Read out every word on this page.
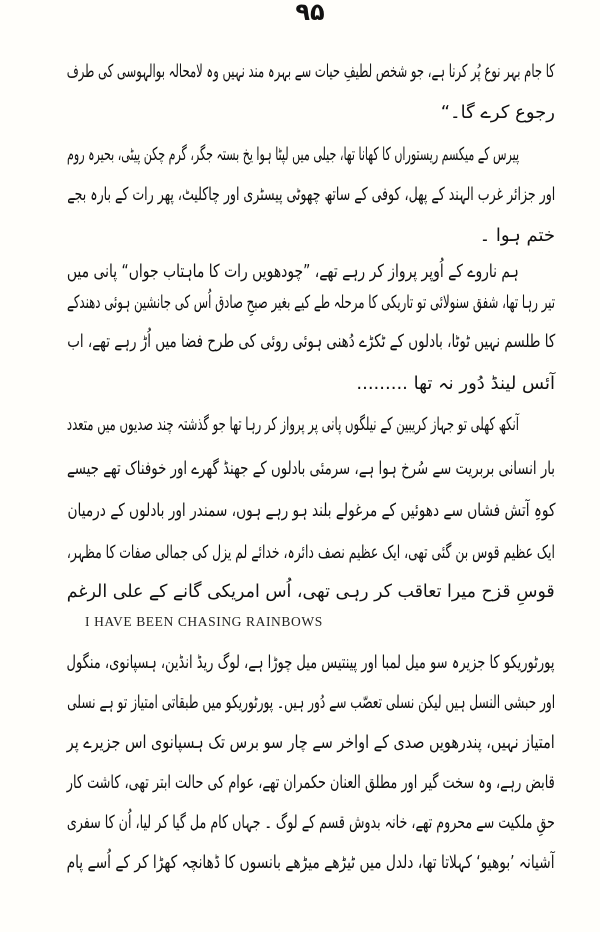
۹۵
کا جام بہر نوع پُر کرنا ہے، جو شخص لطیفِ حیات سے بہرہ مند نہیں وہ لامحالہ بوالہوسی کی طرف
رجوع کرے گا۔“
پیرس کے میکسم ریستوراں کا کھانا تھا، جیلی میں لپٹا ہوا یخ بستہ جگر، گرم چکن پیٹی، بحیرہ روم
اور جزائر غرب الہند کے پھل، کوفی کے ساتھ چھوٹی پیسٹری اور چاکلیٹ، پھر رات کے بارہ بجے
ختم ہوا ۔
ہم ناروے کے اُوپر پرواز کر رہے تھے، ”چودھویں رات کا ماہتاب جواں“ پانی میں
تیر رہا تھا، شفق سنولائی تو تاریکی کا مرحلہ طے کیے بغیر صبحِ صادق اُس کی جانشین ہوئی دھندکے
کا طلسم نہیں ٹوٹا، بادلوں کے ٹکڑے دُھنی ہوئی روئی کی طرح فضا میں اُڑ رہے تھے، اب
آئس لینڈ دُور نہ تھا .........
آنکھ کھلی تو جہاز کریبین کے نیلگوں پانی پر پرواز کر رہا تھا جو گذشتہ چند صدیوں میں متعدد
بار انسانی بربریت سے سُرخ ہوا ہے، سرمئی بادلوں کے جھنڈ گھرے اور خوفناک تھے جیسے
کوہِ آتش فشاں سے دھوئیں کے مرغولے بلند ہو رہے ہوں، سمندر اور بادلوں کے درمیان
ایک عظیم قوس بن گئی تھی، ایک عظیم نصف دائرہ، خدائے لم یزل کی جمالی صفات کا مظہر،
قوسِ قزح میرا تعاقب کر رہی تھی، اُس امریکی گانے کے علی الرغم
I HAVE BEEN CHASING RAINBOWS
پورٹوریکو کا جزیرہ سو میل لمبا اور پینتیس میل چوڑا ہے، لوگ ریڈ انڈین، ہسپانوی، منگول
اور حبشی النسل ہیں لیکن نسلی تعصّب سے دُور ہیں۔ پورٹوریکو میں طبقاتی امتیاز تو ہے نسلی
امتیاز نہیں، پندرھویں صدی کے اواخر سے چار سو برس تک ہسپانوی اس جزیرے پر
قابض رہے، وہ سخت گیر اور مطلق العنان حکمران تھے، عوام کی حالت ابتر تھی، کاشت کار
حقِ ملکیت سے محروم تھے، خانہ بدوش قسم کے لوگ ۔ جہاں کام مل گیا کر لیا، اُن کا سفری
آشیانہ ’بوھیو‘ کہلاتا تھا، دلدل میں ٹیڑھے میڑھے بانسوں کا ڈھانچہ کھڑا کر کے اُسے پام
